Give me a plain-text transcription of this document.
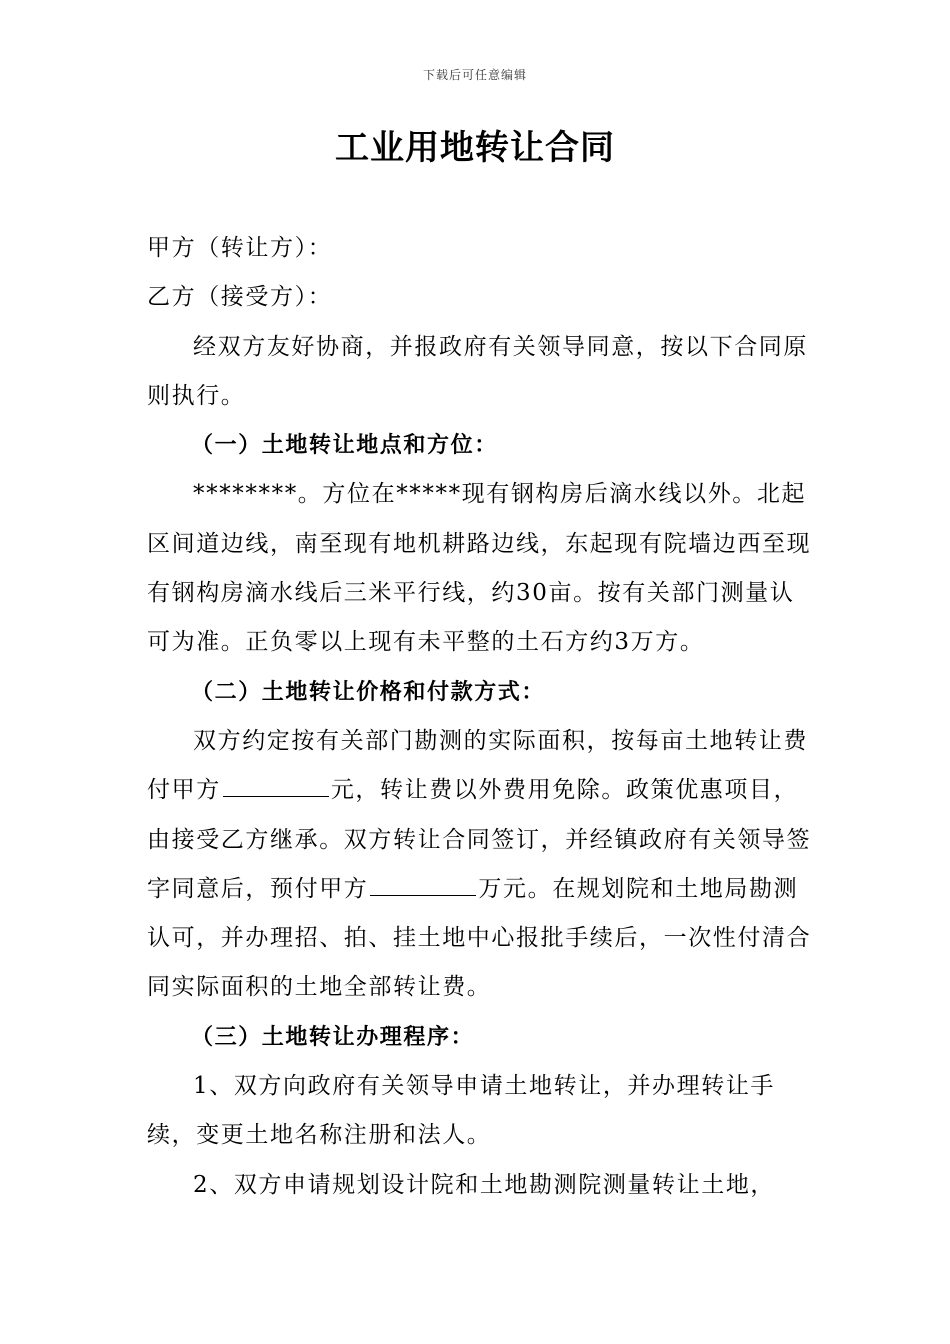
下载后可任意编辑
工业用地转让合同

甲方（转让方）：

乙方（接受方）：

经双方友好协商，并报政府有关领导同意，按以下合同原则执行。

（一）土地转让地点和方位：

********。方位在*****现有钢构房后滴水线以外。北起区间道边线，南至现有地机耕路边线，东起现有院墙边西至现有钢构房滴水线后三米平行线，约30亩。按有关部门测量认可为准。正负零以上现有未平整的土石方约3万方。

（二）土地转让价格和付款方式：

双方约定按有关部门勘测的实际面积，按每亩土地转让费付甲方	元，转让费以外费用免除。政策优惠项目，由接受乙方继承。双方转让合同签订，并经镇政府有关领导签字同意后，预付甲方	万元。在规划院和土地局勘测认可，并办理招、拍、挂土地中心报批手续后，一次性付清合同实际面积的土地全部转让费。

（三）土地转让办理程序：

1、双方向政府有关领导申请土地转让，并办理转让手续，变更土地名称注册和法人。

2、双方申请规划设计院和土地勘测院测量转让土地，
